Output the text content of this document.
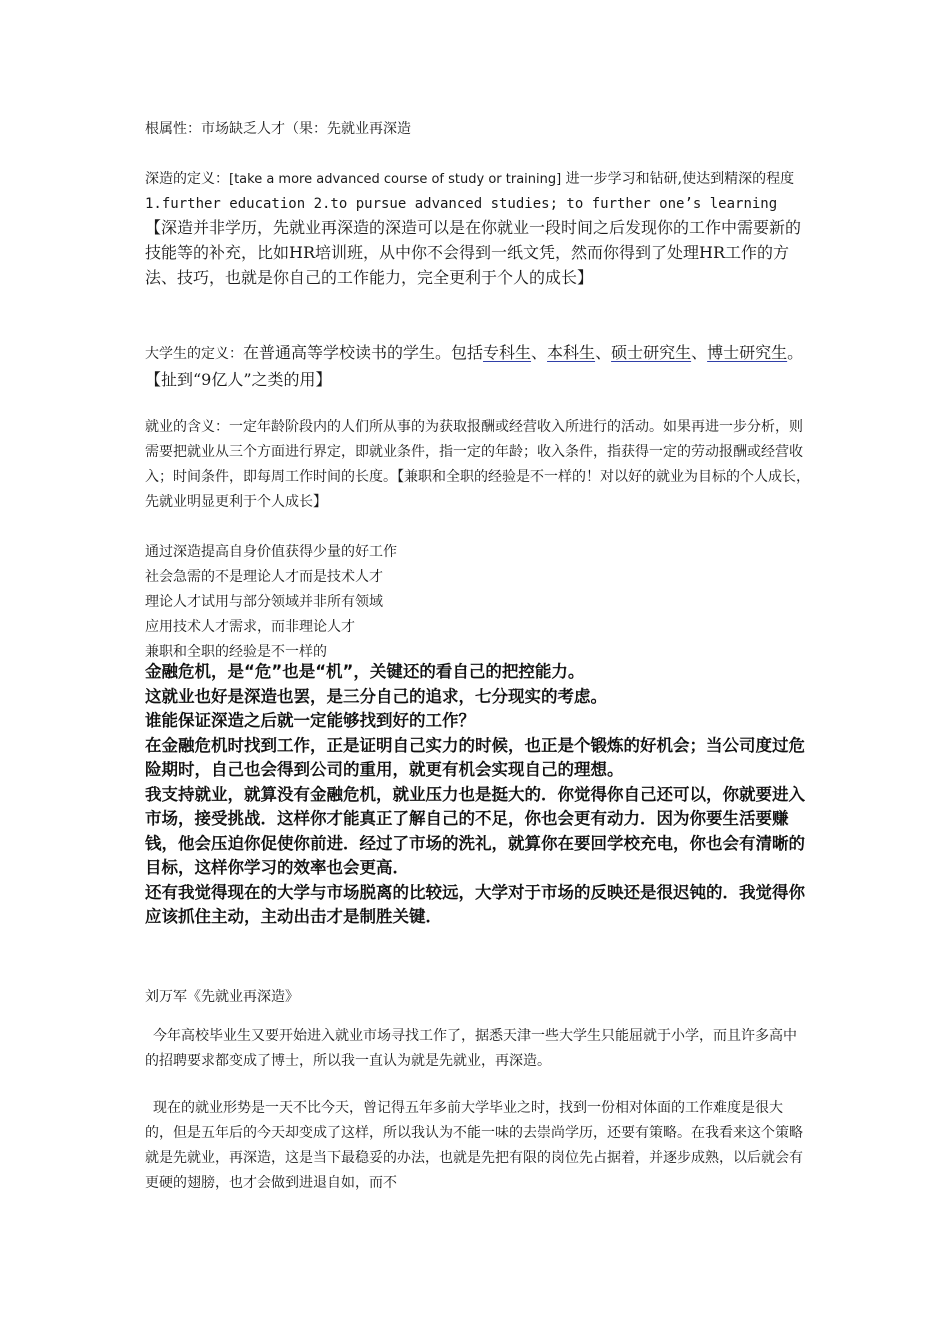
根属性：市场缺乏人才（果：先就业再深造

深造的定义：[take a more advanced course of study or training] 进一步学习和钻研,使达到精深的程度 1.further education 2.to pursue advanced studies; to further one’s learning 【深造并非学历，先就业再深造的深造可以是在你就业一段时间之后发现你的工作中需要新的技能等的补充，比如HR培训班，从中你不会得到一纸文凭，然而你得到了处理HR工作的方法、技巧，也就是你自己的工作能力，完全更利于个人的成长】

大学生的定义：在普通高等学校读书的学生。包括专科生、本科生、硕士研究生、博士研究生。【扯到“9亿人”之类的用】

就业的含义：一定年龄阶段内的人们所从事的为获取报酬或经营收入所进行的活动。如果再进一步分析，则需要把就业从三个方面进行界定，即就业条件，指一定的年龄；收入条件，指获得一定的劳动报酬或经营收入；时间条件，即每周工作时间的长度。【兼职和全职的经验是不一样的！对以好的就业为目标的个人成长，先就业明显更利于个人成长】

通过深造提高自身价值获得少量的好工作

社会急需的不是理论人才而是技术人才

理论人才试用与部分领域并非所有领域

应用技术人才需求，而非理论人才

兼职和全职的经验是不一样的

金融危机，是“危”也是“机”，关键还的看自己的把控能力。

这就业也好是深造也罢，是三分自己的追求，七分现实的考虑。

谁能保证深造之后就一定能够找到好的工作？

在金融危机时找到工作，正是证明自己实力的时候，也正是个锻炼的好机会；当公司度过危险期时，自己也会得到公司的重用，就更有机会实现自己的理想。

我支持就业，就算没有金融危机，就业压力也是挺大的．你觉得你自己还可以，你就要进入市场，接受挑战．这样你才能真正了解自己的不足，你也会更有动力．因为你要生活要赚钱，他会压迫你促使你前进．经过了市场的洗礼，就算你在要回学校充电，你也会有清晰的目标，这样你学习的效率也会更高．

还有我觉得现在的大学与市场脱离的比较远，大学对于市场的反映还是很迟钝的．我觉得你应该抓住主动，主动出击才是制胜关键．

刘万军《先就业再深造》

今年高校毕业生又要开始进入就业市场寻找工作了，据悉天津一些大学生只能屈就于小学，而且许多高中的招聘要求都变成了博士，所以我一直认为就是先就业，再深造。

现在的就业形势是一天不比今天，曾记得五年多前大学毕业之时，找到一份相对体面的工作难度是很大的，但是五年后的今天却变成了这样，所以我认为不能一味的去崇尚学历，还要有策略。在我看来这个策略就是先就业，再深造，这是当下最稳妥的办法，也就是先把有限的岗位先占据着，并逐步成熟，以后就会有更硬的翅膀，也才会做到进退自如，而不
